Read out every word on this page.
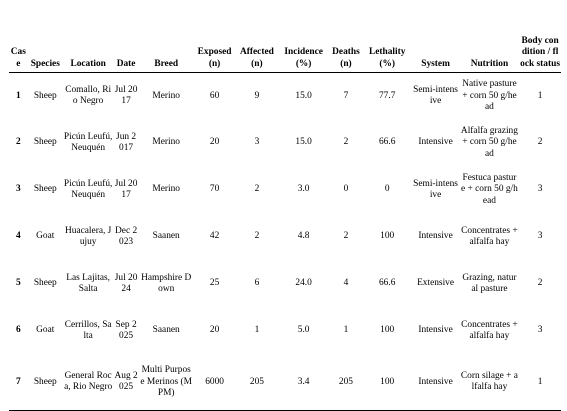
Case	Species	Location	Date	Breed	Exposed (n)	Affected (n)	Incidence (%)	Deaths (n)	Lethality (%)	System	Nutrition	Body condition / flock status
1	Sheep	Comallo, Rio Negro	Jul 2017	Merino	60	9	15.0	7	77.7	Semi-intensive	Native pasture + corn 50 g/head	1
2	Sheep	Picún Leufú, Neuquén	Jun 2017	Merino	20	3	15.0	2	66.6	Intensive	Alfalfa grazing + corn 50 g/head	2
3	Sheep	Picún Leufú, Neuquén	Jul 2017	Merino	70	2	3.0	0	0	Semi-intensive	Festuca pasture + corn 50 g/head	3
4	Goat	Huacalera, Jujuy	Dec 2023	Saanen	42	2	4.8	2	100	Intensive	Concentrates + alfalfa hay	3
5	Sheep	Las Lajitas, Salta	Jul 2024	Hampshire Down	25	6	24.0	4	66.6	Extensive	Grazing, natural pasture	2
6	Goat	Cerrillos, Salta	Sep 2025	Saanen	20	1	5.0	1	100	Intensive	Concentrates + alfalfa hay	3
7	Sheep	General Roca, Rio Negro	Aug 2025	Multi Purpose Merinos (MPM)	6000	205	3.4	205	100	Intensive	Corn silage + alfalfa hay	1
